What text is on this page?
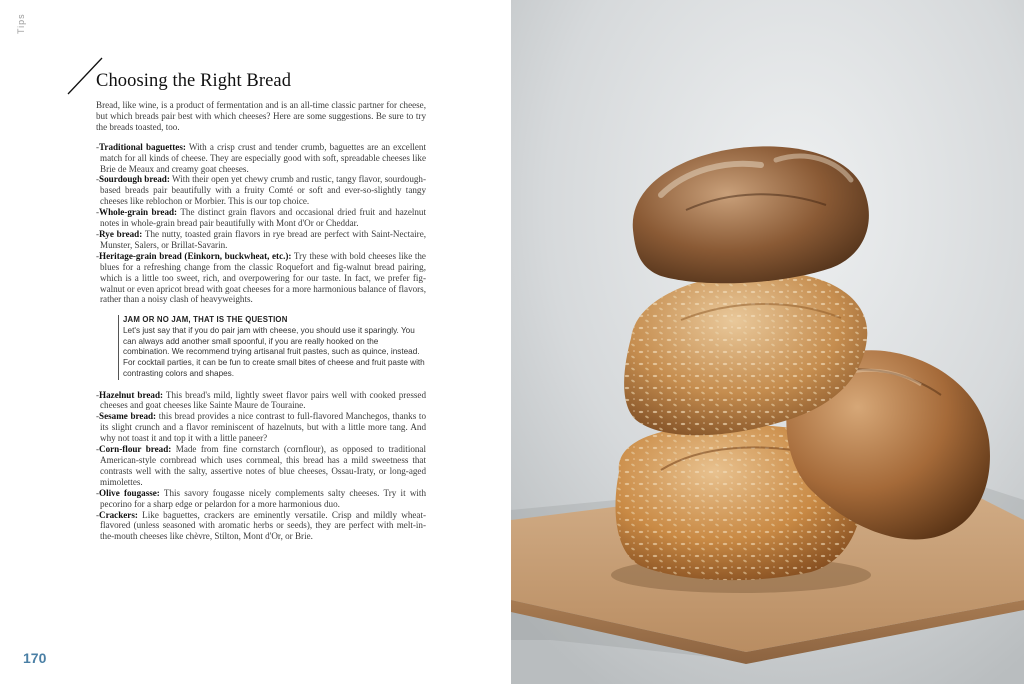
Tips
Choosing the Right Bread

Bread, like wine, is a product of fermentation and is an all-time classic partner for cheese, but which breads pair best with which cheeses? Here are some suggestions. Be sure to try the breads toasted, too.

-Traditional baguettes: With a crisp crust and tender crumb, baguettes are an excellent match for all kinds of cheese. They are especially good with soft, spreadable cheeses like Brie de Meaux and creamy goat cheeses.

-Sourdough bread: With their open yet chewy crumb and rustic, tangy flavor, sourdough-based breads pair beautifully with a fruity Comté or soft and ever-so-slightly tangy cheeses like reblochon or Morbier. This is our top choice.

-Whole-grain bread: The distinct grain flavors and occasional dried fruit and hazelnut notes in whole-grain bread pair beautifully with Mont d'Or or Cheddar.

-Rye bread: The nutty, toasted grain flavors in rye bread are perfect with Saint-Nectaire, Munster, Salers, or Brillat-Savarin.

-Heritage-grain bread (Einkorn, buckwheat, etc.): Try these with bold cheeses like the blues for a refreshing change from the classic Roquefort and fig-walnut bread pairing, which is a little too sweet, rich, and overpowering for our taste. In fact, we prefer fig-walnut or even apricot bread with goat cheeses for a more harmonious balance of flavors, rather than a noisy clash of heavyweights.

JAM OR NO JAM, THAT IS THE QUESTION
Let's just say that if you do pair jam with cheese, you should use it sparingly. You can always add another small spoonful, if you are really hooked on the combination. We recommend trying artisanal fruit pastes, such as quince, instead. For cocktail parties, it can be fun to create small bites of cheese and fruit paste with contrasting colors and shapes.

-Hazelnut bread: This bread's mild, lightly sweet flavor pairs well with cooked pressed cheeses and goat cheeses like Sainte Maure de Touraine.

-Sesame bread: this bread provides a nice contrast to full-flavored Manchegos, thanks to its slight crunch and a flavor reminiscent of hazelnuts, but with a little more tang. And why not toast it and top it with a little paneer?

-Corn-flour bread: Made from fine cornstarch (cornflour), as opposed to traditional American-style cornbread which uses cornmeal, this bread has a mild sweetness that contrasts well with the salty, assertive notes of blue cheeses, Ossau-Iraty, or long-aged mimolettes.

-Olive fougasse: This savory fougasse nicely complements salty cheeses. Try it with pecorino for a sharp edge or pelardon for a more harmonious duo.

-Crackers: Like baguettes, crackers are eminently versatile. Crisp and mildly wheat-flavored (unless seasoned with aromatic herbs or seeds), they are perfect with melt-in-the-mouth cheeses like chèvre, Stilton, Mont d'Or, or Brie.

170
